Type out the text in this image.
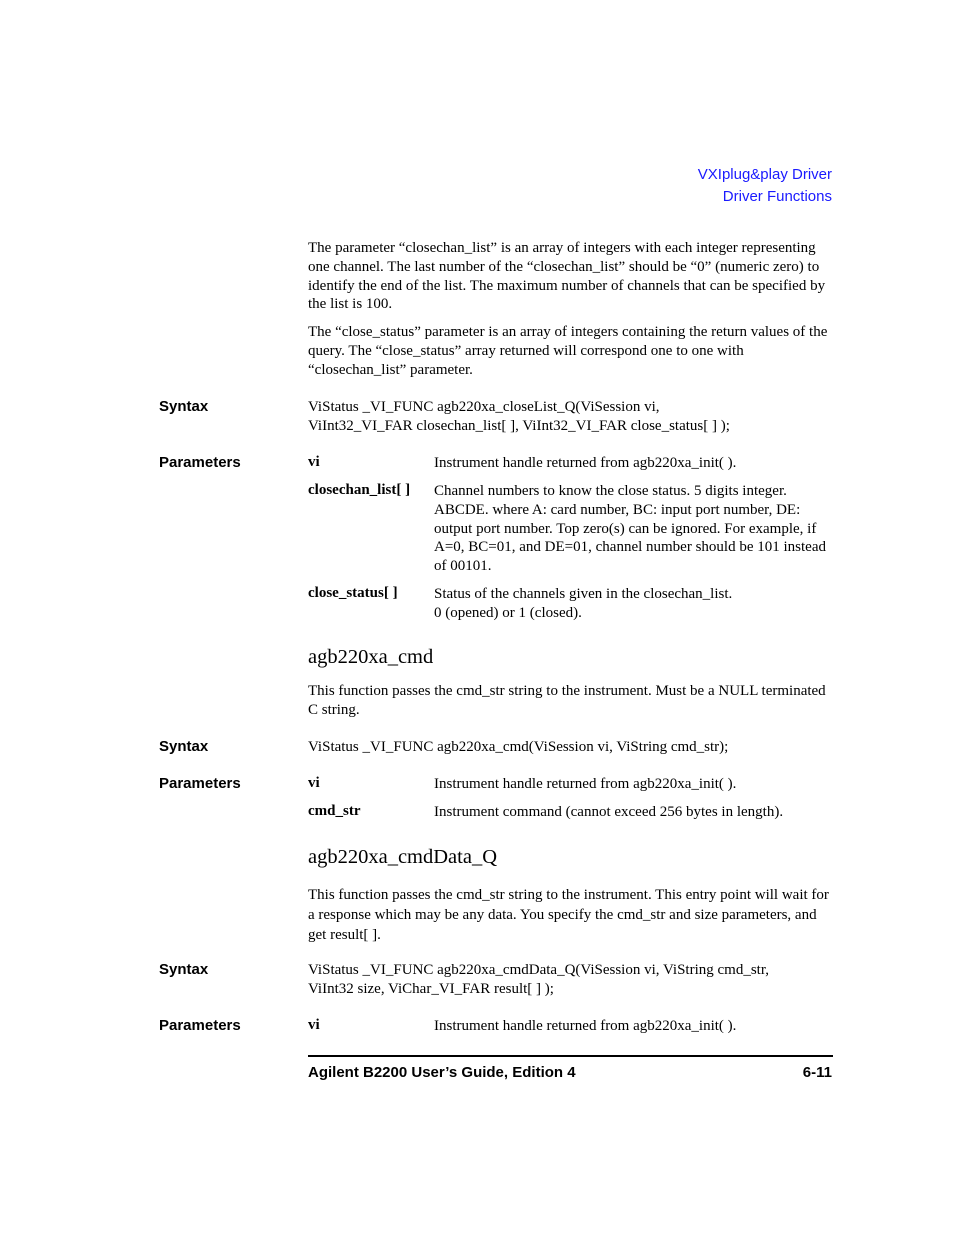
VXIplug&play Driver
Driver Functions

The parameter “closechan_list” is an array of integers with each integer representing one channel. The last number of the “closechan_list” should be “0” (numeric zero) to identify the end of the list. The maximum number of channels that can be specified by the list is 100.

The “close_status” parameter is an array of integers containing the return values of the query. The “close_status” array returned will correspond one to one with “closechan_list” parameter.

Syntax	ViStatus _VI_FUNC agb220xa_closeList_Q(ViSession vi, ViInt32_VI_FAR closechan_list[ ], ViInt32_VI_FAR close_status[ ] );

Parameters	vi	Instrument handle returned from agb220xa_init( ).

closechan_list[ ] Channel numbers to know the close status. 5 digits integer. ABCDE. where A: card number, BC: input port number, DE: output port number. Top zero(s) can be ignored. For example, if A=0, BC=01, and DE=01, channel number should be 101 instead of 00101.

close_status[ ] Status of the channels given in the closechan_list.
0 (opened) or 1 (closed).

agb220xa_cmd

This function passes the cmd_str string to the instrument. Must be a NULL terminated C string.

Syntax	ViStatus _VI_FUNC agb220xa_cmd(ViSession vi, ViString cmd_str);

Parameters	vi	Instrument handle returned from agb220xa_init( ).

cmd_str	Instrument command (cannot exceed 256 bytes in length).

agb220xa_cmdData_Q

This function passes the cmd_str string to the instrument. This entry point will wait for a response which may be any data. You specify the cmd_str and size parameters, and get result[ ].

Syntax	ViStatus _VI_FUNC agb220xa_cmdData_Q(ViSession vi, ViString cmd_str, ViInt32 size, ViChar_VI_FAR result[ ] );

Parameters	vi	Instrument handle returned from agb220xa_init( ).

Agilent B2200 User’s Guide, Edition 4	6-11
